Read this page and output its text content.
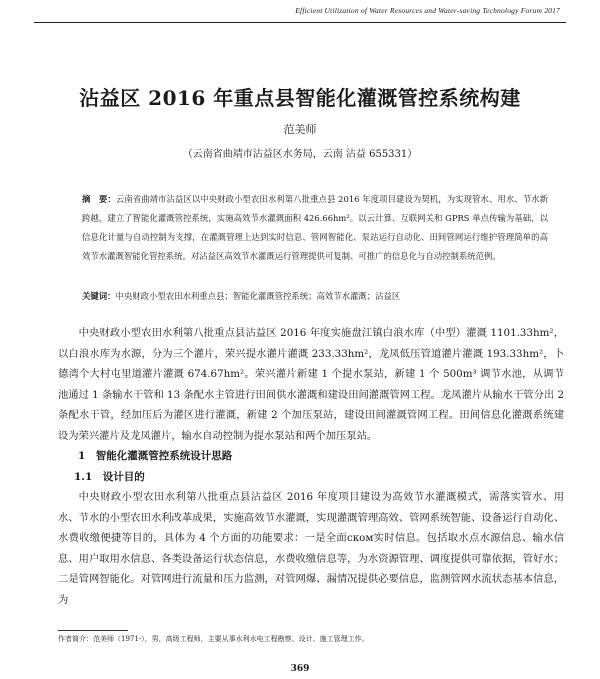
Efficient Utilization of Water Resources and Water-saving Technology Forum 2017
沾益区 2016 年重点县智能化灌溉管控系统构建
范美师
（云南省曲靖市沾益区水务局，云南 沾益 655331）
摘　要：云南省曲靖市沾益区以中央财政小型农田水利第八批重点县 2016 年度项目建设为契机，为实现管水、用水、节水新跨越，建立了智能化灌溉管控系统，实施高效节水灌溉面积 426.66hm²。以云计算、互联网关和 GPRS 单点传输为基础，以信息化计量与自动控制为支撑，在灌溉管理上达到实时信息、管网智能化、泵站运行自动化、田间管网运行维护管理简单的高效节水灌溉智能化管控系统。对沾益区高效节水灌溉运行管理提供可复制、可推广的信息化与自动控制系统范例。
关键词：中央财政小型农田水利重点县；智能化灌溉管控系统；高效节水灌溉；沾益区

中央财政小型农田水利第八批重点县沾益区 2016 年度实施盘江镇白浪水库（中型）灌溉 1101.33hm²，以白浪水库为水源，分为三个灌片，荣兴提水灌片灌溉 233.33hm²，龙凤低压管道灌片灌溉 193.33hm²，卜德湾个大村屯里道灌片灌溉 674.67hm²。荣兴灌片新建 1 个提水泵站，新建 1 个 500m³ 调节水池，从调节池通过 1 条输水干管和 13 条配水主管进行田间供水灌溉和建设田间灌溉管网工程。龙凤灌片从输水干管分出 2 条配水干管，经加压后为灌区进行灌溉，新建 2 个加压泵站，建设田间灌溉管网工程。田间信息化灌溉系统建设为荣兴灌片及龙凤灌片，输水自动控制为提水泵站和两个加压泵站。

1　智能化灌溉管控系统设计思路
1.1　设计目的

中央财政小型农田水利第八批重点县沾益区 2016 年度项目建设为高效节水灌溉模式，需落实管水、用水、节水的小型农田水利改革成果，实施高效节水灌溉，实现灌溉管理高效、管网系统智能、设备运行自动化、水费收缴便捷等目的，具体为 4 个方面的功能要求：一是全面ском实时信息。包括取水点水源信息、输水信息、用户取用水信息、各类设备运行状态信息，水费收缴信息等，为水资源管理、调度提供可靠依据，管好水；二是管网智能化。对管网进行流量和压力监测，对管网爆、漏情况提供必要信息，监测管网水流状态基本信息，为

作者简介：范美师（1971-），男，高级工程师，主要从事水利水电工程勘察、设计、施工管理工作。
369
